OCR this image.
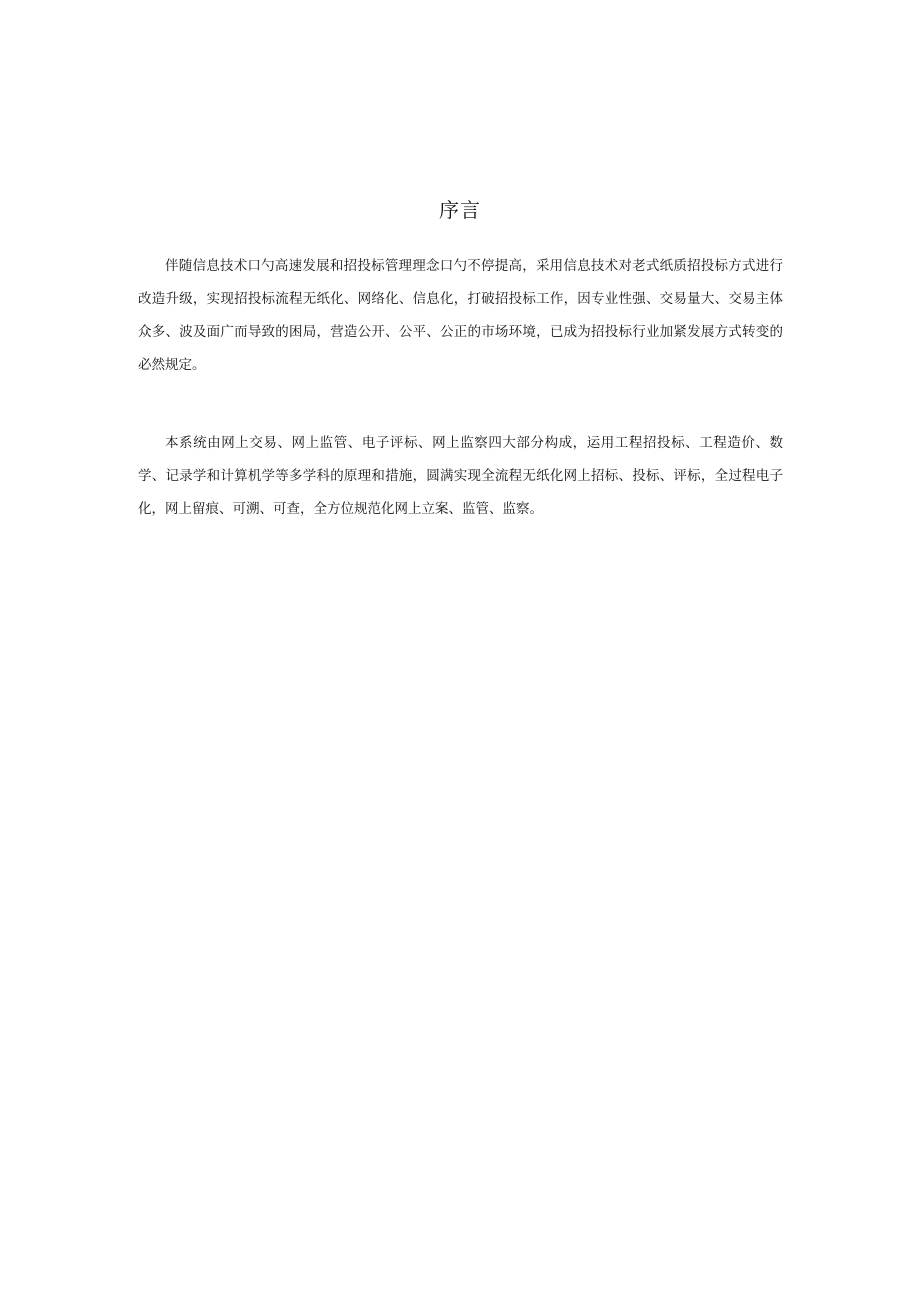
序言

伴随信息技术口勺高速发展和招投标管理理念口勺不停提高，采用信息技术对老式纸质招投标方式进行改造升级，实现招投标流程无纸化、网络化、信息化，打破招投标工作，因专业性强、交易量大、交易主体众多、波及面广而导致的困局，营造公开、公平、公正的市场环境，已成为招投标行业加紧发展方式转变的必然规定。

本系统由网上交易、网上监管、电子评标、网上监察四大部分构成，运用工程招投标、工程造价、数学、记录学和计算机学等多学科的原理和措施，圆满实现全流程无纸化网上招标、投标、评标，全过程电子化，网上留痕、可溯、可查，全方位规范化网上立案、监管、监察。
